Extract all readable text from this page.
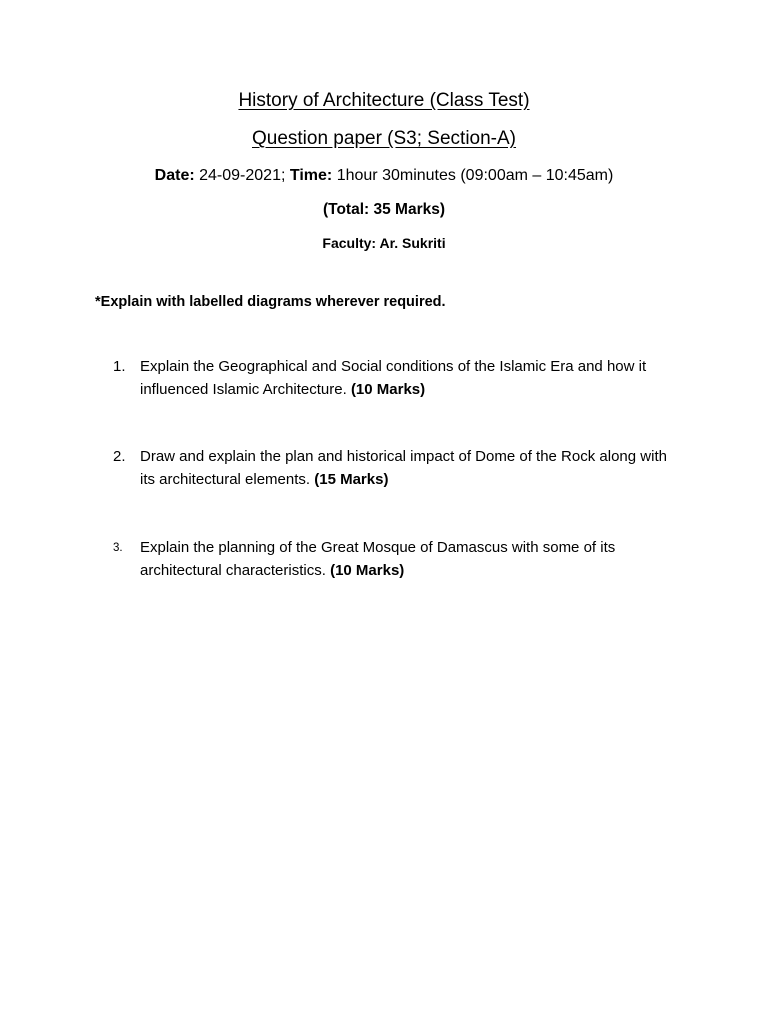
History of Architecture (Class Test)
Question paper (S3; Section-A)
Date: 24-09-2021; Time: 1hour 30minutes (09:00am – 10:45am)
(Total: 35 Marks)
Faculty: Ar. Sukriti
*Explain with labelled diagrams wherever required.
1. Explain the Geographical and Social conditions of the Islamic Era and how it influenced Islamic Architecture. (10 Marks)
2. Draw and explain the plan and historical impact of Dome of the Rock along with its architectural elements. (15 Marks)
3. Explain the planning of the Great Mosque of Damascus with some of its architectural characteristics. (10 Marks)
